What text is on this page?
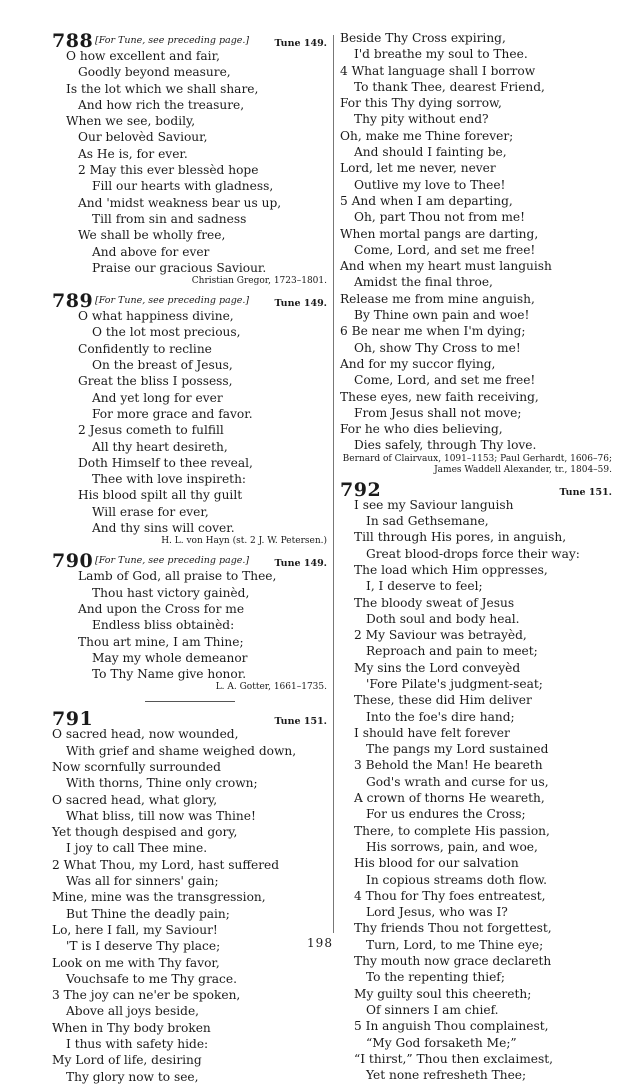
788 [For Tune, see preceding page.]	Tune 149.
O how excellent and fair,
Goodly beyond measure,
Is the lot which we shall share,
And how rich the treasure,
When we see, bodily,
Our belovèd Saviour,
As He is, for ever.
2 May this ever blessèd hope
Fill our hearts with gladness,
And 'midst weakness bear us up,
Till from sin and sadness
We shall be wholly free,
And above for ever
Praise our gracious Saviour.
Christian Gregor, 1723–1801.
789 [For Tune, see preceding page.]	Tune 149.
O what happiness divine,
O the lot most precious,
Confidently to recline
On the breast of Jesus,
Great the bliss I possess,
And yet long for ever
For more grace and favor.
2 Jesus cometh to fulfill
All thy heart desireth,
Doth Himself to thee reveal,
Thee with love inspireth:
His blood spilt all thy guilt
Will erase for ever,
And thy sins will cover.
H. L. von Hayn (st. 2 J. W. Petersen.)
790 [For Tune, see preceding page.]	Tune 149.
Lamb of God, all praise to Thee,
Thou hast victory gainèd,
And upon the Cross for me
Endless bliss obtainèd:
Thou art mine, I am Thine;
May my whole demeanor
To Thy Name give honor.
L. A. Gotter, 1661–1735.
791	Tune 151.
O sacred head, now wounded,
With grief and shame weighed down,
Now scornfully surrounded
With thorns, Thine only crown;
O sacred head, what glory,
What bliss, till now was Thine!
Yet though despised and gory,
I joy to call Thee mine.
2 What Thou, my Lord, hast suffered
Was all for sinners' gain;
Mine, mine was the transgression,
But Thine the deadly pain;
Lo, here I fall, my Saviour!
'T is I deserve Thy place;
Look on me with Thy favor,
Vouchsafe to me Thy grace.
3 The joy can ne'er be spoken,
Above all joys beside,
When in Thy body broken
I thus with safety hide:
My Lord of life, desiring
Thy glory now to see,
Beside Thy Cross expiring,
I'd breathe my soul to Thee.
4 What language shall I borrow
To thank Thee, dearest Friend,
For this Thy dying sorrow,
Thy pity without end?
Oh, make me Thine forever;
And should I fainting be,
Lord, let me never, never
Outlive my love to Thee!
5 And when I am departing,
Oh, part Thou not from me!
When mortal pangs are darting,
Come, Lord, and set me free!
And when my heart must languish
Amidst the final throe,
Release me from mine anguish,
By Thine own pain and woe!
6 Be near me when I'm dying;
Oh, show Thy Cross to me!
And for my succor flying,
Come, Lord, and set me free!
These eyes, new faith receiving,
From Jesus shall not move;
For he who dies believing,
Dies safely, through Thy love.
Bernard of Clairvaux, 1091–1153; Paul Gerhardt, 1606–76; James Waddell Alexander, tr., 1804–59.
792	Tune 151.
I see my Saviour languish
In sad Gethsemane,
Till through His pores, in anguish,
Great blood-drops force their way:
The load which Him oppresses,
I, I deserve to feel;
The bloody sweat of Jesus
Doth soul and body heal.
2 My Saviour was betrayèd,
Reproach and pain to meet;
My sins the Lord conveyèd
'Fore Pilate's judgment-seat;
These, these did Him deliver
Into the foe's dire hand;
I should have felt forever
The pangs my Lord sustained
3 Behold the Man! He beareth
God's wrath and curse for us,
A crown of thorns He weareth,
For us endures the Cross;
There, to complete His passion,
His sorrows, pain, and woe,
His blood for our salvation
In copious streams doth flow.
4 Thou for Thy foes entreatest,
Lord Jesus, who was I?
Thy friends Thou not forgettest,
Turn, Lord, to me Thine eye;
Thy mouth now grace declareth
To the repenting thief;
My guilty soul this cheereth;
Of sinners I am chief.
5 In anguish Thou complainest,
“My God forsaketh Me;”
“I thirst,” Thou then exclaimest,
Yet none refresheth Thee;
198
